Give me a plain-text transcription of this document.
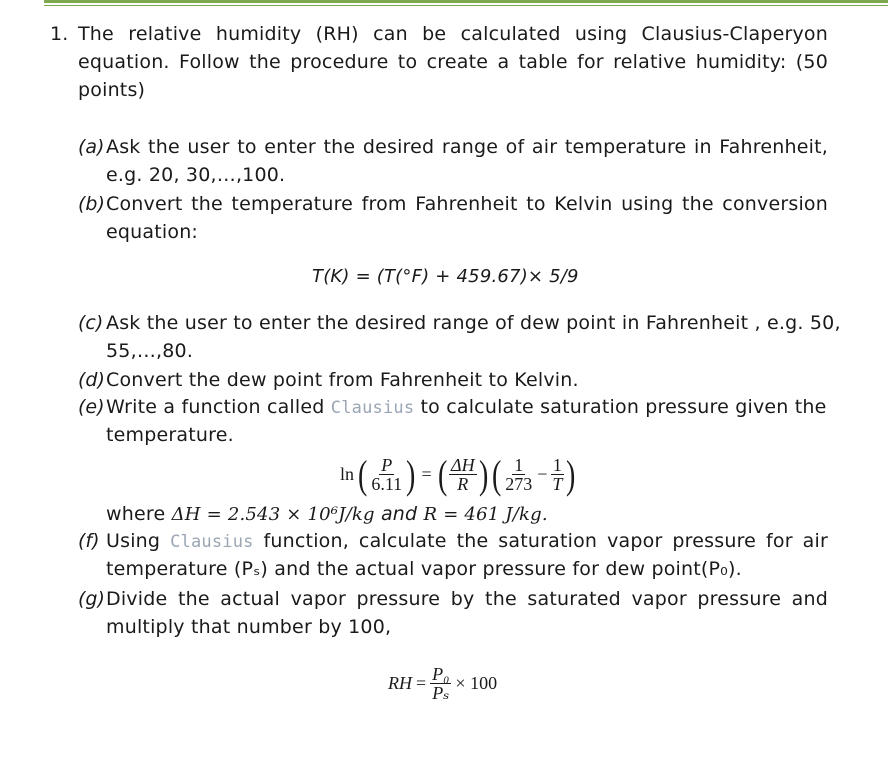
1. The relative humidity (RH) can be calculated using Clausius-Claperyon
equation. Follow the procedure to create a table for relative humidity: (50
points)
(a) Ask the user to enter the desired range of air temperature in Fahrenheit,
e.g. 20, 30,…,100.
(b) Convert the temperature from Fahrenheit to Kelvin using the conversion
equation:
T(K) = (T(°F) + 459.67)× 5/9
(c) Ask the user to enter the desired range of dew point in Fahrenheit , e.g. 50,
55,…,80.
(d) Convert the dew point from Fahrenheit to Kelvin.
(e) Write a function called Clausius to calculate saturation pressure given the
temperature.
ln ( $\frac{P}{6.11}$ ) = ( $\frac{\Delta H}{R}$ ) ( $\frac{1}{273} - \frac{1}{T}$ )
where ΔH = 2.543 × 10⁶J/kg and R = 461 J/kg.
(f) Using Clausius function, calculate the saturation vapor pressure for air
temperature (Pₛ) and the actual vapor pressure for dew point(P₀).
(g) Divide the actual vapor pressure by the saturated vapor pressure and
multiply that number by 100,
RH = $\frac{\text{P₀}}{\text{Pₛ}} \times 100$
